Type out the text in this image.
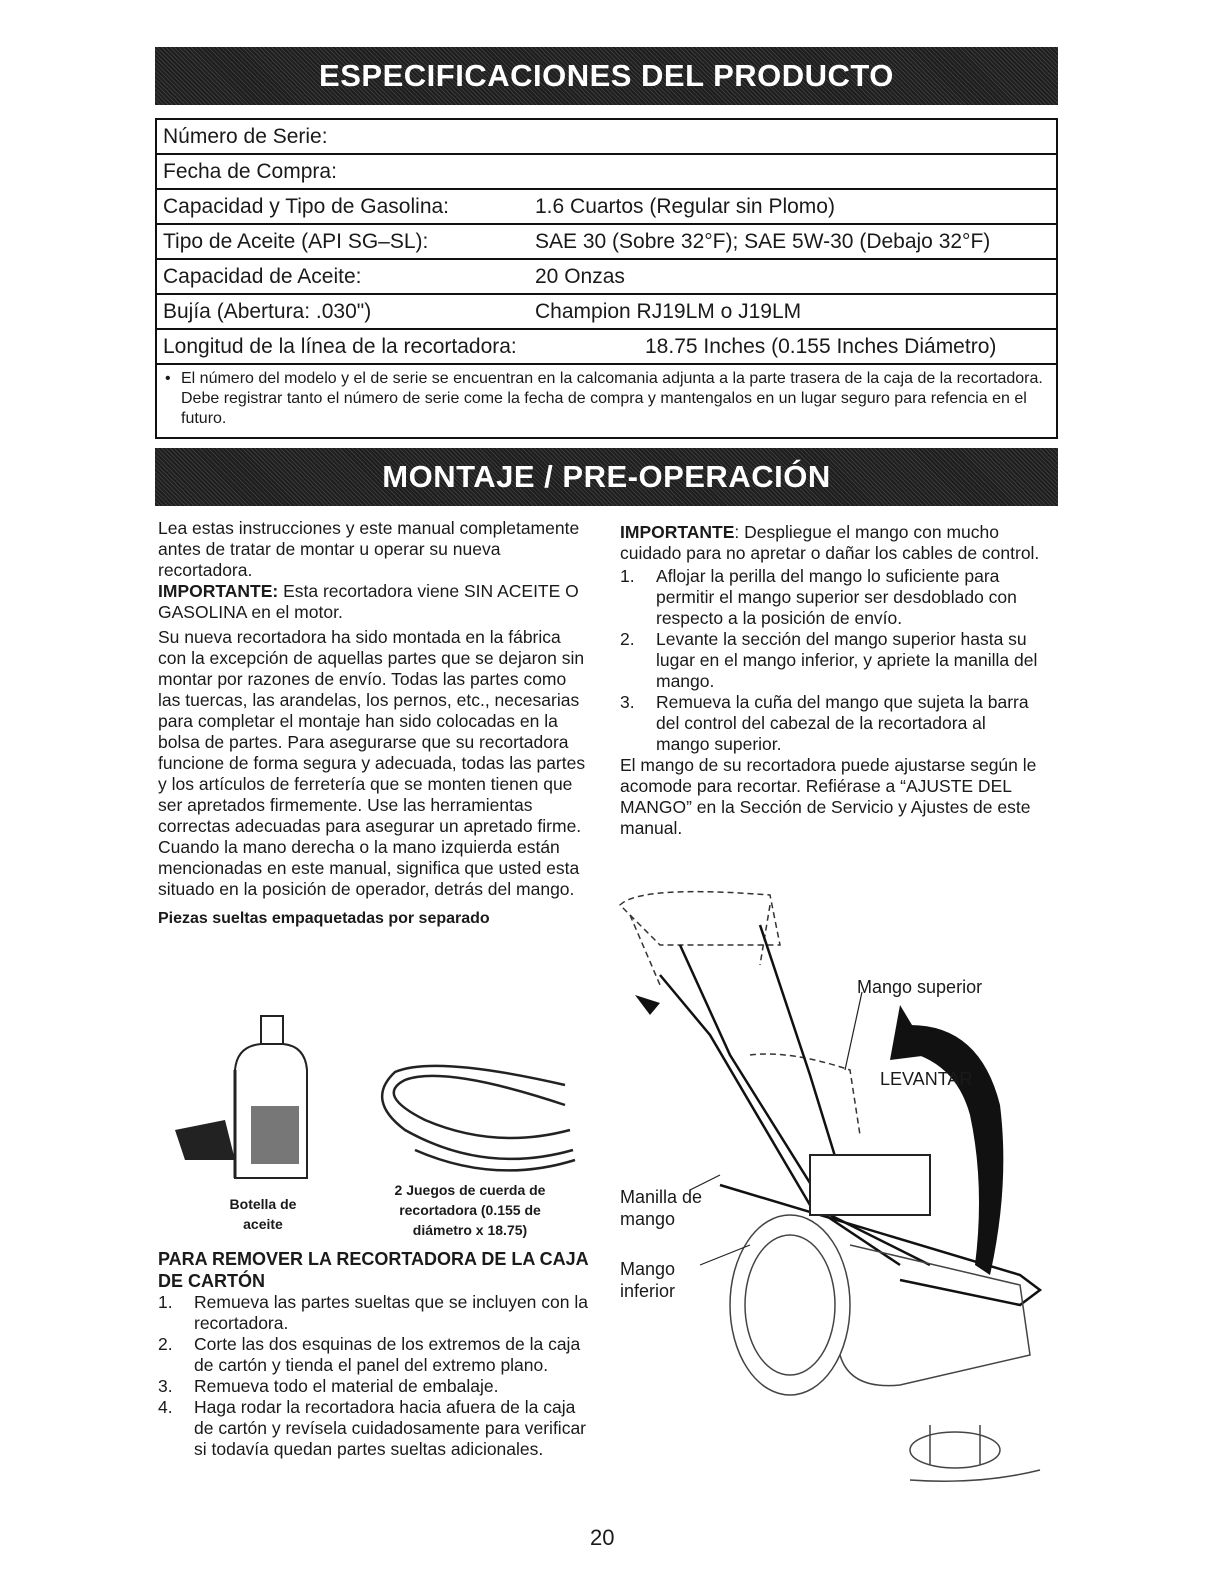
ESPECIFICACIONES DEL PRODUCTO
Número de Serie:
Fecha de Compra:
Capacidad y Tipo de Gasolina:	1.6 Cuartos (Regular sin Plomo)
Tipo de Aceite (API SG–SL):	SAE 30 (Sobre 32°F); SAE 5W-30 (Debajo 32°F)
Capacidad de Aceite:	20 Onzas
Bujía (Abertura: .030")	Champion RJ19LM o J19LM
Longitud de la línea de la recortadora:	18.75 Inches (0.155 Inches Diámetro)
• El número del modelo y el de serie se encuentran en la calcomania adjunta a la parte trasera de la caja de la recortadora. Debe registrar tanto el número de serie come la fecha de compra y mantengalos en un lugar seguro para refencia en el futuro.
MONTAJE / PRE-OPERACIÓN

Lea estas instrucciones y este manual completamente antes de tratar de montar u operar su nueva recortadora.

IMPORTANTE: Esta recortadora viene SIN ACEITE O GASOLINA en el motor.

Su nueva recortadora ha sido montada en la fábrica con la excepción de aquellas partes que se dejaron sin montar por razones de envío. Todas las partes como las tuercas, las arandelas, los pernos, etc., necesarias para completar el montaje han sido colocadas en la bolsa de partes. Para asegurarse que su recortadora funcione de forma segura y adecuada, todas las partes y los artículos de ferretería que se monten tienen que ser apretados firmemente. Use las herramientas correctas adecuadas para asegurar un apretado firme.

Cuando la mano derecha o la mano izquierda están mencionadas en este manual, significa que usted esta situado en la posición de operador, detrás del mango.

Piezas sueltas empaquetadas por separado

Botella de aceite
2 Juegos de cuerda de recortadora (0.155 de diámetro x 18.75)

PARA REMOVER LA RECORTADORA DE LA CAJA DE CARTÓN

1.	Remueva las partes sueltas que se incluyen con la recortadora.
2.	Corte las dos esquinas de los extremos de la caja de cartón y tienda el panel del extremo plano.
3.	Remueva todo el material de embalaje.
4.	Haga rodar la recortadora hacia afuera de la caja de cartón y revísela cuidadosamente para verificar si todavía quedan partes sueltas adicionales.

IMPORTANTE: Despliegue el mango con mucho cuidado para no apretar o dañar los cables de control.

1.	Aflojar la perilla del mango lo suficiente para permitir el mango superior ser desdoblado con respecto a la posición de envío.
2.	Levante la sección del mango superior hasta su lugar en el mango inferior, y apriete la manilla del mango.
3.	Remueva la cuña del mango que sujeta la barra del control del cabezal de la recortadora al mango superior.

El mango de su recortadora puede ajustarse según le acomode para recortar. Refiérase a “AJUSTE DEL MANGO” en la Sección de Servicio y Ajustes de este manual.

Mango superior
LEVANTAR
Manilla de mango
Mango inferior
20
